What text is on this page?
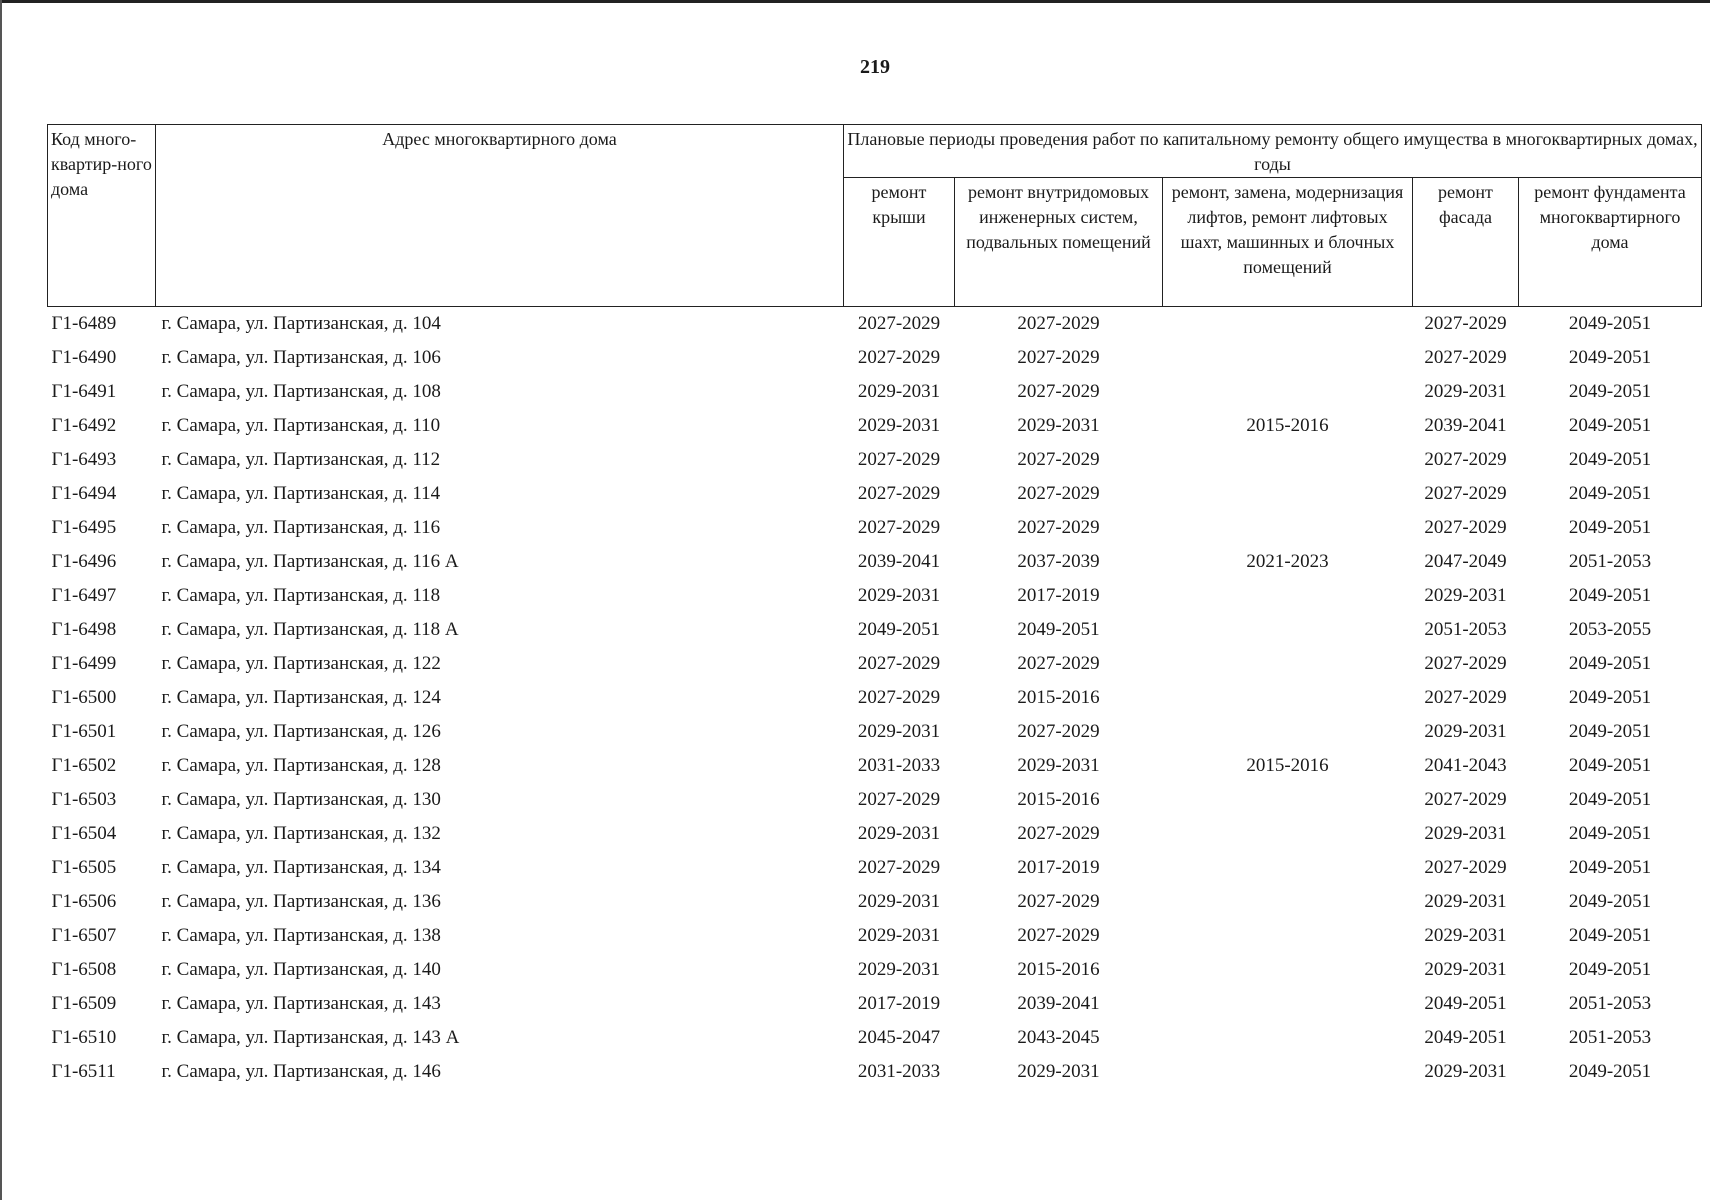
219
Код много-квартир-ного дома	Адрес многоквартирного дома	Плановые периоды проведения работ по капитальному ремонту общего имущества в многоквартирных домах, годы				
		ремонт крыши	ремонт внутридомовых инженерных систем, подвальных помещений	ремонт, замена, модернизация лифтов, ремонт лифтовых шахт, машинных и блочных помещений	ремонт фасада	ремонт фундамента многоквартирного дома
Г1-6489	г. Самара, ул. Партизанская, д. 104	2027-2029	2027-2029		2027-2029	2049-2051
Г1-6490	г. Самара, ул. Партизанская, д. 106	2027-2029	2027-2029		2027-2029	2049-2051
Г1-6491	г. Самара, ул. Партизанская, д. 108	2029-2031	2027-2029		2029-2031	2049-2051
Г1-6492	г. Самара, ул. Партизанская, д. 110	2029-2031	2029-2031	2015-2016	2039-2041	2049-2051
Г1-6493	г. Самара, ул. Партизанская, д. 112	2027-2029	2027-2029		2027-2029	2049-2051
Г1-6494	г. Самара, ул. Партизанская, д. 114	2027-2029	2027-2029		2027-2029	2049-2051
Г1-6495	г. Самара, ул. Партизанская, д. 116	2027-2029	2027-2029		2027-2029	2049-2051
Г1-6496	г. Самара, ул. Партизанская, д. 116 А	2039-2041	2037-2039	2021-2023	2047-2049	2051-2053
Г1-6497	г. Самара, ул. Партизанская, д. 118	2029-2031	2017-2019		2029-2031	2049-2051
Г1-6498	г. Самара, ул. Партизанская, д. 118 А	2049-2051	2049-2051		2051-2053	2053-2055
Г1-6499	г. Самара, ул. Партизанская, д. 122	2027-2029	2027-2029		2027-2029	2049-2051
Г1-6500	г. Самара, ул. Партизанская, д. 124	2027-2029	2015-2016		2027-2029	2049-2051
Г1-6501	г. Самара, ул. Партизанская, д. 126	2029-2031	2027-2029		2029-2031	2049-2051
Г1-6502	г. Самара, ул. Партизанская, д. 128	2031-2033	2029-2031	2015-2016	2041-2043	2049-2051
Г1-6503	г. Самара, ул. Партизанская, д. 130	2027-2029	2015-2016		2027-2029	2049-2051
Г1-6504	г. Самара, ул. Партизанская, д. 132	2029-2031	2027-2029		2029-2031	2049-2051
Г1-6505	г. Самара, ул. Партизанская, д. 134	2027-2029	2017-2019		2027-2029	2049-2051
Г1-6506	г. Самара, ул. Партизанская, д. 136	2029-2031	2027-2029		2029-2031	2049-2051
Г1-6507	г. Самара, ул. Партизанская, д. 138	2029-2031	2027-2029		2029-2031	2049-2051
Г1-6508	г. Самара, ул. Партизанская, д. 140	2029-2031	2015-2016		2029-2031	2049-2051
Г1-6509	г. Самара, ул. Партизанская, д. 143	2017-2019	2039-2041		2049-2051	2051-2053
Г1-6510	г. Самара, ул. Партизанская, д. 143 А	2045-2047	2043-2045		2049-2051	2051-2053
Г1-6511	г. Самара, ул. Партизанская, д. 146	2031-2033	2029-2031		2029-2031	2049-2051
